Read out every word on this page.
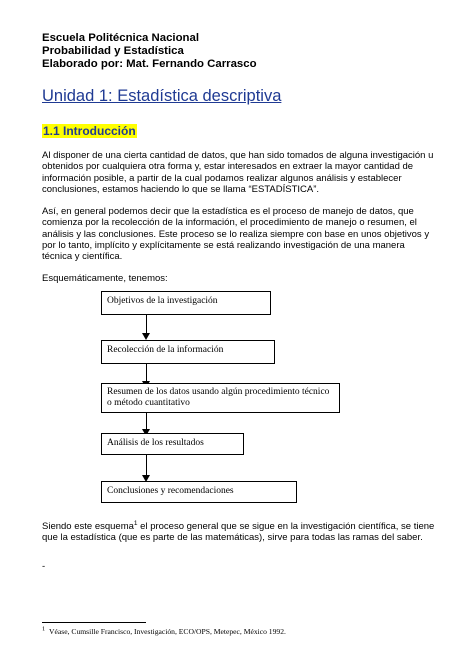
Escuela Politécnica Nacional
Probabilidad y Estadística
Elaborado por: Mat. Fernando Carrasco
Unidad 1: Estadística descriptiva
1.1 Introducción
Al disponer de una cierta cantidad de datos, que han sido tomados de alguna investigación u
obtenidos por cualquiera otra forma y, estar interesados en extraer la mayor cantidad de
información posible, a partir de la cual podamos realizar algunos análisis y establecer
conclusiones, estamos haciendo lo que se llama “ESTADÍSTICA”.
Así, en general podemos decir que la estadística es el proceso de manejo de datos, que
comienza por la recolección de la información, el procedimiento de manejo o resumen, el
análisis y las conclusiones. Este proceso se lo realiza siempre con base en unos objetivos y
por lo tanto, implícito y explícitamente se está realizando investigación de una manera
técnica y científica.
Esquemáticamente, tenemos:
Objetivos de la investigación
Recolección de la información
Resumen de los datos usando algún procedimiento técnico o método cuantitativo
Análisis de los resultados
Conclusiones y recomendaciones
Siendo este esquema$^1$ el proceso general que se sigue en la investigación científica, se tiene
que la estadística (que es parte de las matemáticas), sirve para todas las ramas del saber.
-
$^1$ Véase, Cumsille Francisco, Investigación, ECO/OPS, Metepec, México 1992.
